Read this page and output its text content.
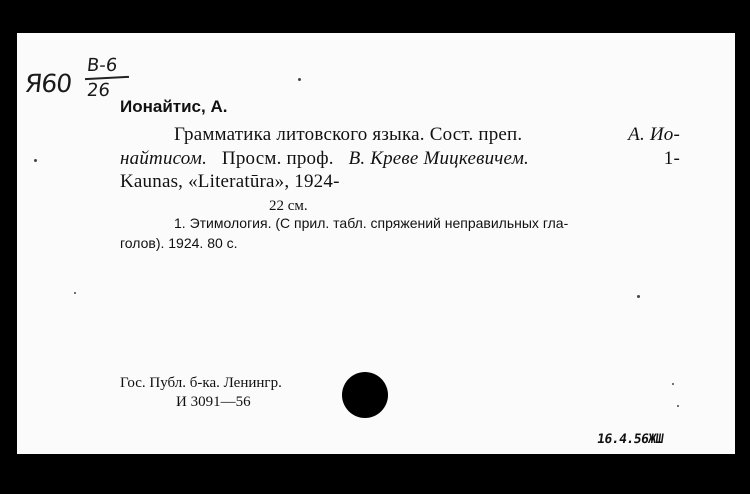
Я60
В-6
26
Ионайтис, А.
Грамматика литовского языка. Сост. преп.	А. Ио-
найтисом. Просм. проф. В. Креве Мицкевичем.	1-
Kaunas, «Literatūra», 1924-
22 см.
1. Этимология. (С прил. табл. спряжений неправильных гла-
голов). 1924. 80 с.
Гос. Публ. б-ка. Ленингр.
И 3091—56
16.4.56ЖШ
